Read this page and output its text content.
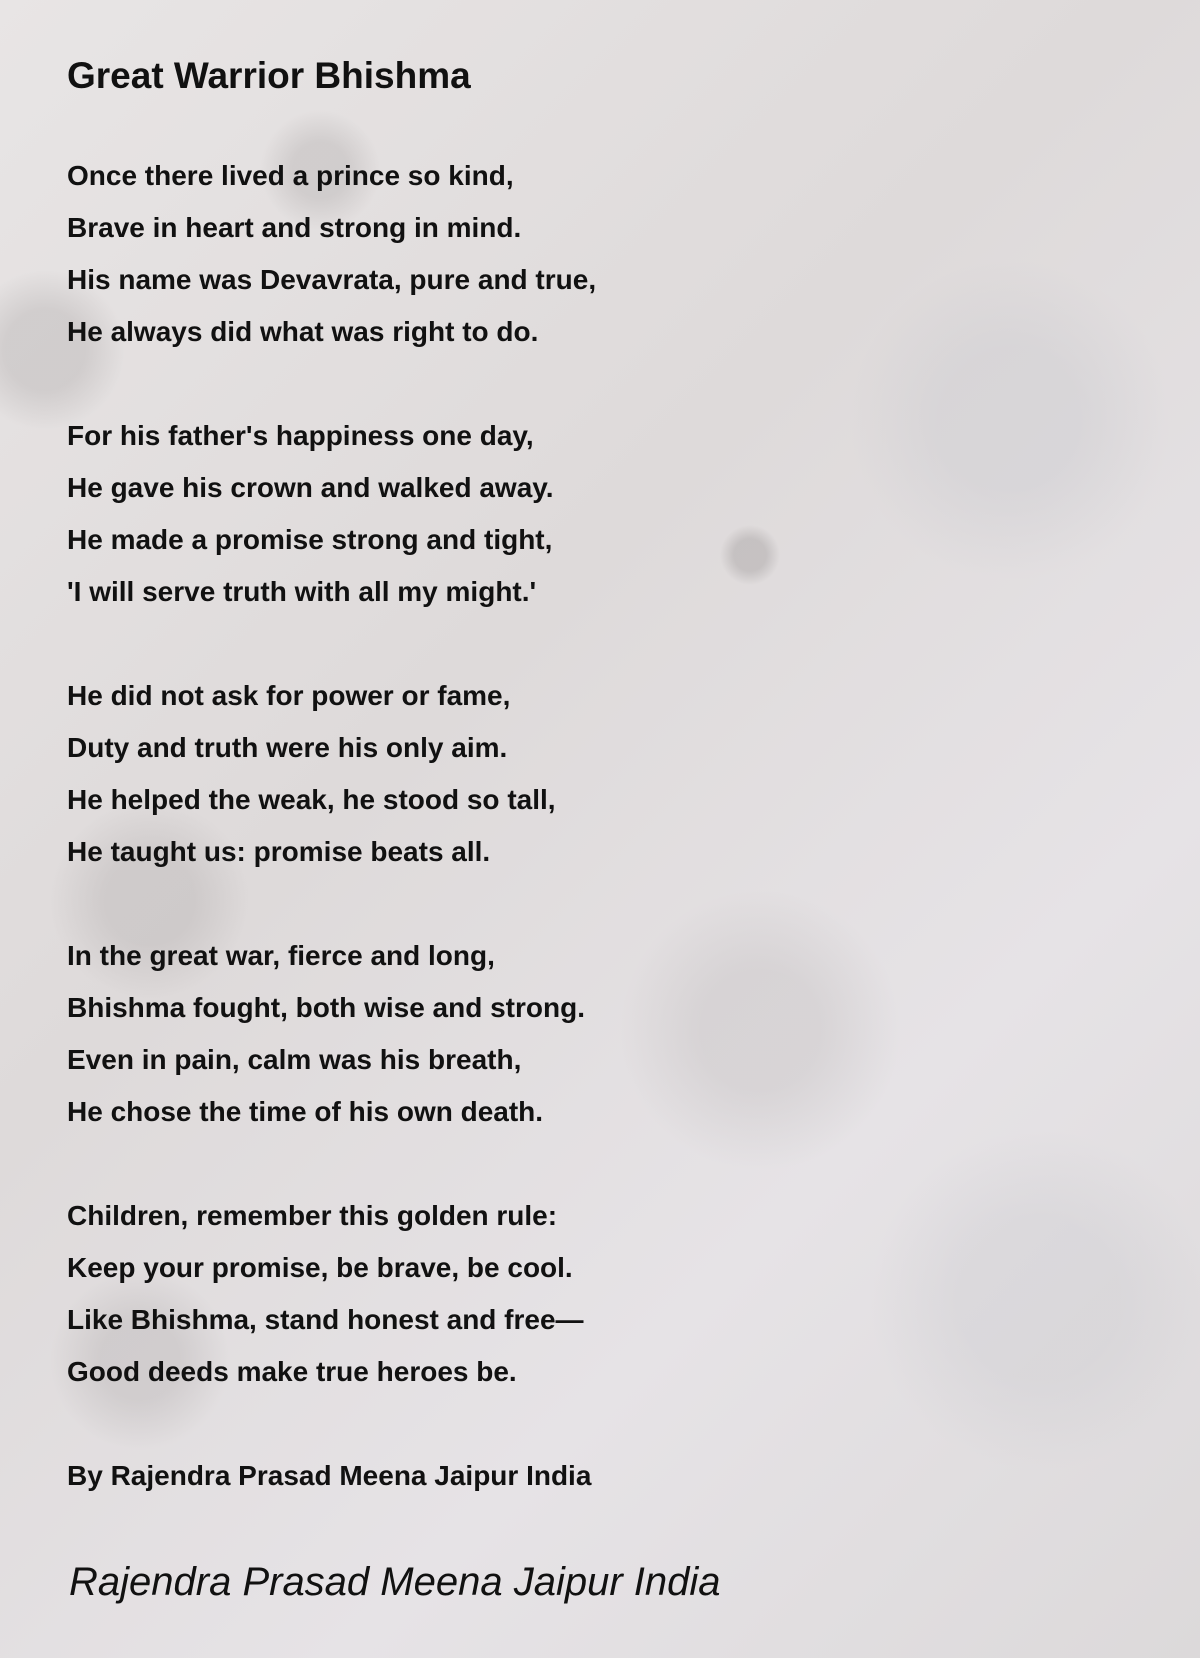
Great Warrior Bhishma
Once there lived a prince so kind,
Brave in heart and strong in mind.
His name was Devavrata, pure and true,
He always did what was right to do.
For his father's happiness one day,
He gave his crown and walked away.
He made a promise strong and tight,
'I will serve truth with all my might.'
He did not ask for power or fame,
Duty and truth were his only aim.
He helped the weak, he stood so tall,
He taught us: promise beats all.
In the great war, fierce and long,
Bhishma fought, both wise and strong.
Even in pain, calm was his breath,
He chose the time of his own death.
Children, remember this golden rule:
Keep your promise, be brave, be cool.
Like Bhishma, stand honest and free—
Good deeds make true heroes be.
By Rajendra Prasad Meena Jaipur India
Rajendra Prasad Meena Jaipur India
